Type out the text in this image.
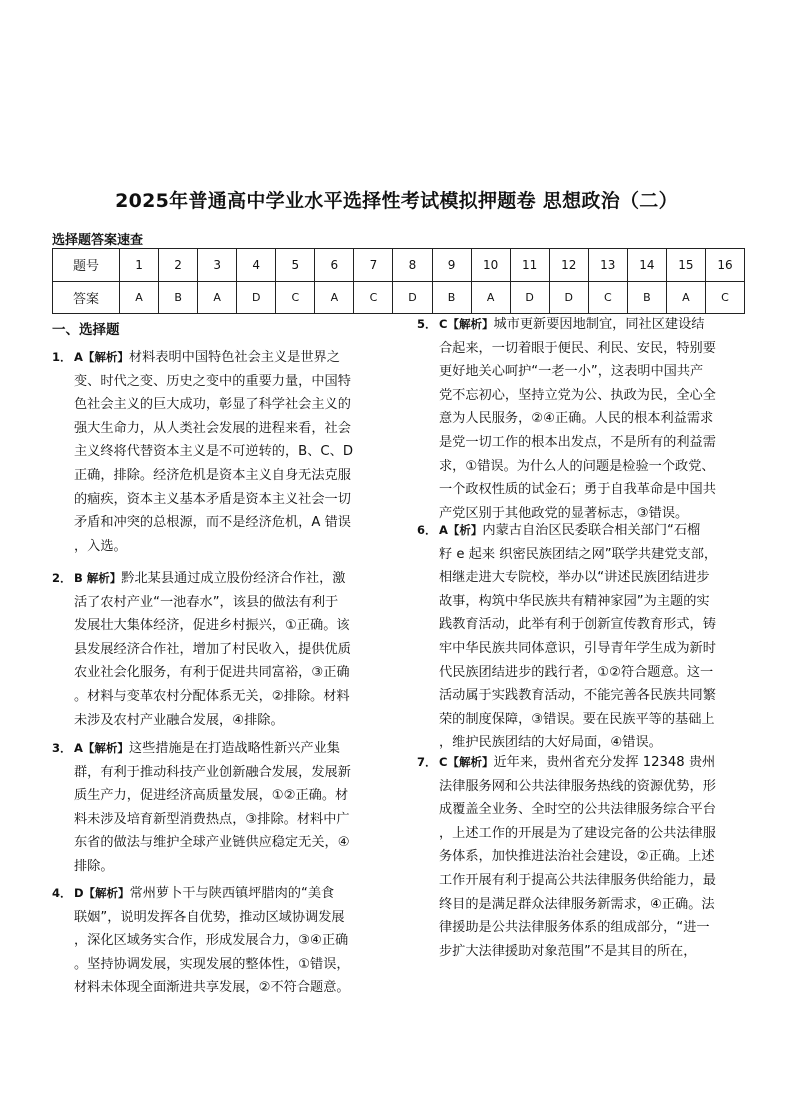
2025年普通高中学业水平选择性考试模拟押题卷 思想政治（二）
选择题答案速查
题号	1	2	3	4	5	6	7	8	9	10	11	12	13	14	15	16
答案	A	B	A	D	C	A	C	D	B	A	D	D	C	B	A	C
一、选择题
1． A【解析】材料表明中国特色社会主义是世界之
变、时代之变、历史之变中的重要力量，中国特
色社会主义的巨大成功，彰显了科学社会主义的
强大生命力，从人类社会发展的进程来看，社会
主义终将代替资本主义是不可逆转的，B、C、D
正确，排除。经济危机是资本主义自身无法克服
的痼疾，资本主义基本矛盾是资本主义社会一切
矛盾和冲突的总根源，而不是经济危机，A 错误
，入选。
2． B 解析】黔北某县通过成立股份经济合作社，激
活了农村产业“一池春水”，该县的做法有利于
发展壮大集体经济，促进乡村振兴，①正确。该
县发展经济合作社，增加了村民收入，提供优质
农业社会化服务，有利于促进共同富裕，③正确
。材料与变革农村分配体系无关，②排除。材料
未涉及农村产业融合发展，④排除。
3． A【解析】这些措施是在打造战略性新兴产业集
群，有利于推动科技产业创新融合发展，发展新
质生产力，促进经济高质量发展，①②正确。材
料未涉及培育新型消费热点，③排除。材料中广
东省的做法与维护全球产业链供应稳定无关，④
排除。
4． D【解析】常州萝卜干与陕西镇坪腊肉的“美食
联姻”，说明发挥各自优势，推动区域协调发展
，深化区域务实合作，形成发展合力，③④正确
。坚持协调发展，实现发展的整体性，①错误，
材料未体现全面渐进共享发展，②不符合题意。
5． C【解析】城市更新要因地制宜，同社区建设结
合起来，一切着眼于便民、利民、安民，特别要
更好地关心呵护“一老一小”，这表明中国共产
党不忘初心，坚持立党为公、执政为民，全心全
意为人民服务，②④正确。人民的根本利益需求
是党一切工作的根本出发点，不是所有的利益需
求，①错误。为什么人的问题是检验一个政党、
一个政权性质的试金石；勇于自我革命是中国共
产党区别于其他政党的显著标志，③错误。
6． A【析】内蒙古自治区民委联合相关部门“石榴
籽 e 起来 织密民族团结之网”联学共建党支部，
相继走进大专院校，举办以“讲述民族团结进步
故事，构筑中华民族共有精神家园”为主题的实
践教育活动，此举有利于创新宣传教育形式，铸
牢中华民族共同体意识，引导青年学生成为新时
代民族团结进步的践行者，①②符合题意。这一
活动属于实践教育活动，不能完善各民族共同繁
荣的制度保障，③错误。要在民族平等的基础上
，维护民族团结的大好局面，④错误。
7． C【解析】近年来，贵州省充分发挥 12348 贵州
法律服务网和公共法律服务热线的资源优势，形
成覆盖全业务、全时空的公共法律服务综合平台
，上述工作的开展是为了建设完备的公共法律服
务体系，加快推进法治社会建设，②正确。上述
工作开展有利于提高公共法律服务供给能力，最
终目的是满足群众法律服务新需求，④正确。法
律援助是公共法律服务体系的组成部分，“进一
步扩大法律援助对象范围”不是其目的所在，
